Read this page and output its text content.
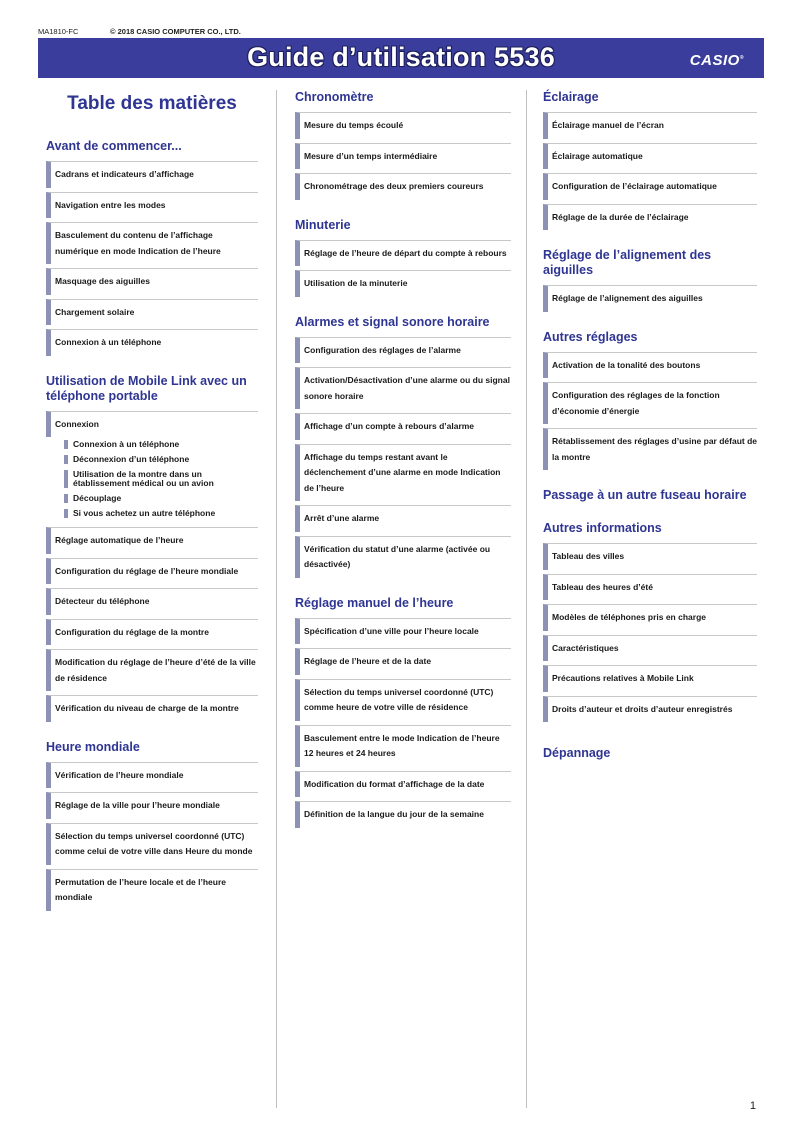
MA1810-FC	© 2018 CASIO COMPUTER CO., LTD.
Guide d’utilisation 5536	CASIO®
Table des matières
Avant de commencer...
Cadrans et indicateurs d’affichage
Navigation entre les modes
Basculement du contenu de l’affichage numérique en mode Indication de l’heure
Masquage des aiguilles
Chargement solaire
Connexion à un téléphone
Utilisation de Mobile Link avec un téléphone portable
Connexion
Connexion à un téléphone
Déconnexion d’un téléphone
Utilisation de la montre dans un établissement médical ou un avion
Découplage
Si vous achetez un autre téléphone
Réglage automatique de l’heure
Configuration du réglage de l’heure mondiale
Détecteur du téléphone
Configuration du réglage de la montre
Modification du réglage de l’heure d’été de la ville de résidence
Vérification du niveau de charge de la montre
Heure mondiale
Vérification de l’heure mondiale
Réglage de la ville pour l’heure mondiale
Sélection du temps universel coordonné (UTC) comme celui de votre ville dans Heure du monde
Permutation de l’heure locale et de l’heure mondiale
Chronomètre
Mesure du temps écoulé
Mesure d’un temps intermédiaire
Chronométrage des deux premiers coureurs
Minuterie
Réglage de l’heure de départ du compte à rebours
Utilisation de la minuterie
Alarmes et signal sonore horaire
Configuration des réglages de l’alarme
Activation/Désactivation d’une alarme ou du signal sonore horaire
Affichage d’un compte à rebours d’alarme
Affichage du temps restant avant le déclenchement d’une alarme en mode Indication de l’heure
Arrêt d’une alarme
Vérification du statut d’une alarme (activée ou désactivée)
Réglage manuel de l’heure
Spécification d’une ville pour l’heure locale
Réglage de l’heure et de la date
Sélection du temps universel coordonné (UTC) comme heure de votre ville de résidence
Basculement entre le mode Indication de l’heure 12 heures et 24 heures
Modification du format d’affichage de la date
Définition de la langue du jour de la semaine
Éclairage
Éclairage manuel de l’écran
Éclairage automatique
Configuration de l’éclairage automatique
Réglage de la durée de l’éclairage
Réglage de l’alignement des aiguilles
Réglage de l’alignement des aiguilles
Autres réglages
Activation de la tonalité des boutons
Configuration des réglages de la fonction d’économie d’énergie
Rétablissement des réglages d’usine par défaut de la montre
Passage à un autre fuseau horaire
Autres informations
Tableau des villes
Tableau des heures d’été
Modèles de téléphones pris en charge
Caractéristiques
Précautions relatives à Mobile Link
Droits d’auteur et droits d’auteur enregistrés
Dépannage
1
